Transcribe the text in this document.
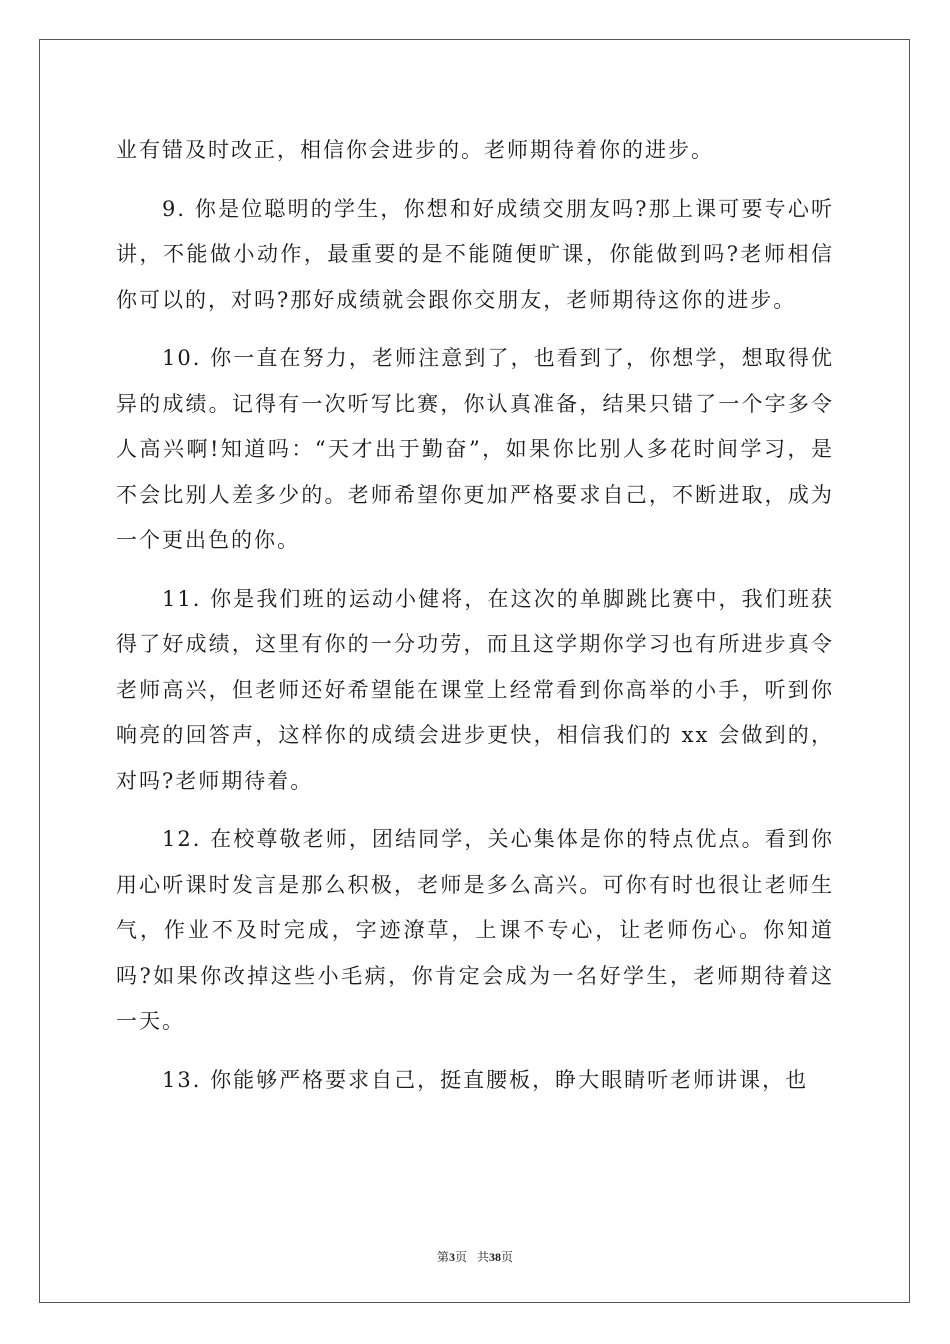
业有错及时改正，相信你会进步的。老师期待着你的进步。

9. 你是位聪明的学生，你想和好成绩交朋友吗?那上课可要专心听讲，不能做小动作，最重要的是不能随便旷课，你能做到吗?老师相信你可以的，对吗?那好成绩就会跟你交朋友，老师期待这你的进步。

10. 你一直在努力，老师注意到了，也看到了，你想学，想取得优异的成绩。记得有一次听写比赛，你认真准备，结果只错了一个字多令人高兴啊!知道吗：“天才出于勤奋”，如果你比别人多花时间学习，是不会比别人差多少的。老师希望你更加严格要求自己，不断进取，成为一个更出色的你。

11. 你是我们班的运动小健将，在这次的单脚跳比赛中，我们班获得了好成绩，这里有你的一分功劳，而且这学期你学习也有所进步真令老师高兴，但老师还好希望能在课堂上经常看到你高举的小手，听到你响亮的回答声，这样你的成绩会进步更快，相信我们的 xx 会做到的，对吗?老师期待着。

12. 在校尊敬老师，团结同学，关心集体是你的特点优点。看到你用心听课时发言是那么积极，老师是多么高兴。可你有时也很让老师生气，作业不及时完成，字迹潦草，上课不专心，让老师伤心。你知道吗?如果你改掉这些小毛病，你肯定会成为一名好学生，老师期待着这一天。

13. 你能够严格要求自己，挺直腰板，睁大眼睛听老师讲课，也

第3页 共38页
